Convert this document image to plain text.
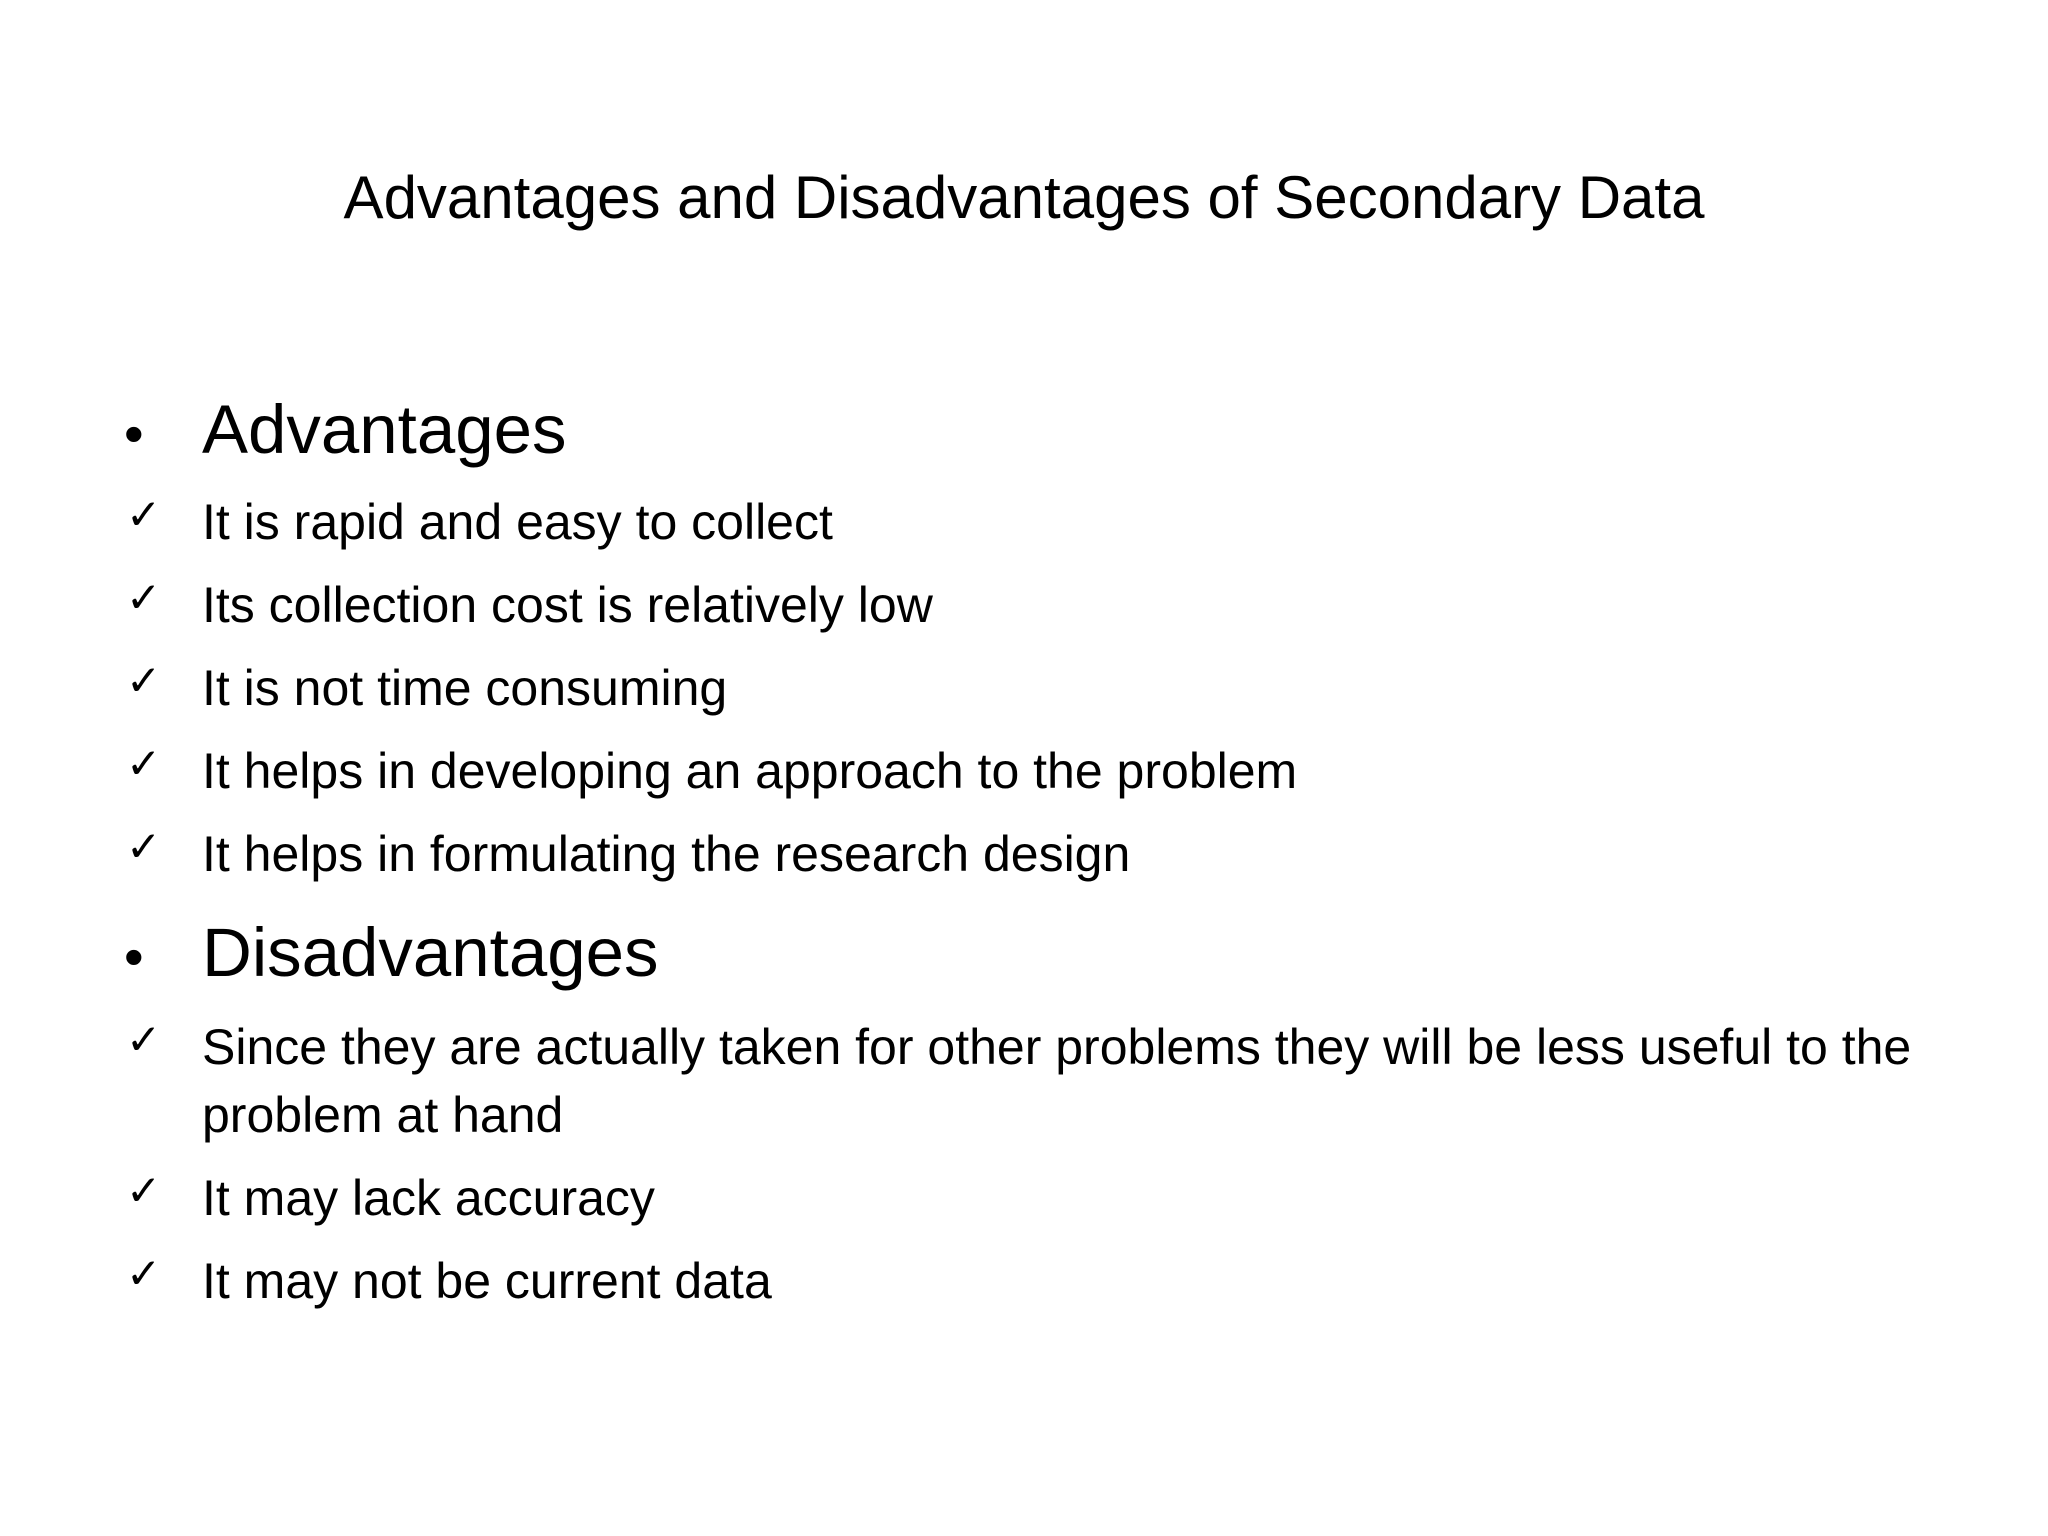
Advantages and Disadvantages of Secondary Data
• Advantages
✓ It is rapid and easy to collect
✓ Its collection cost is relatively low
✓ It is not time consuming
✓ It helps in developing an approach to the problem
✓ It helps in formulating the research design
• Disadvantages
✓ Since they are actually taken for other problems they will be less useful to the problem at hand
✓ It may lack accuracy
✓ It may not be current data
